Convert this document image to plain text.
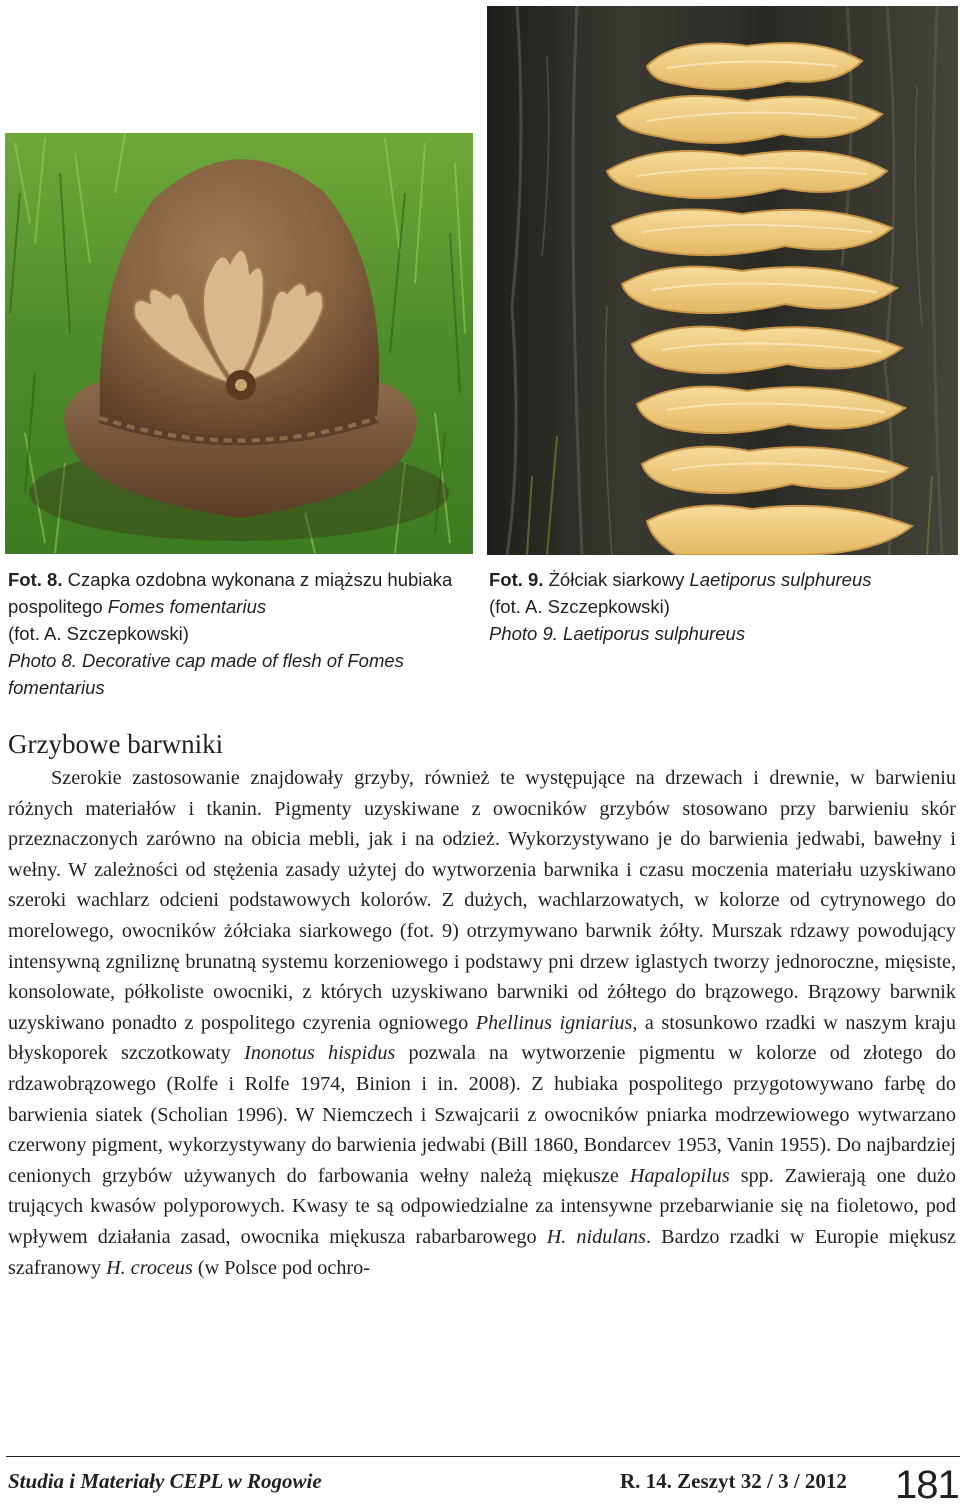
Fot. 8. Czapka ozdobna wykonana z miąższu hubiaka pospolitego Fomes fomentarius
(fot. A. Szczepkowski)
Photo 8. Decorative cap made of flesh of Fomes fomentarius
Fot. 9. Żółciak siarkowy Laetiporus sulphureus
(fot. A. Szczepkowski)
Photo 9. Laetiporus sulphureus
Grzybowe barwniki

Szerokie zastosowanie znajdowały grzyby, również te występujące na drzewach i drewnie, w barwieniu różnych materiałów i tkanin. Pigmenty uzyskiwane z owocników grzybów stosowano przy barwieniu skór przeznaczonych zarówno na obicia mebli, jak i na odzież. Wykorzystywano je do barwienia jedwabi, bawełny i wełny. W zależności od stężenia zasady użytej do wytworzenia barwnika i czasu moczenia materiału uzyskiwano szeroki wachlarz odcieni podstawowych kolorów. Z dużych, wachlarzowatych, w kolorze od cytrynowego do morelowego, owocników żółciaka siarkowego (fot. 9) otrzymywano barwnik żółty. Murszak rdzawy powodujący intensywną zgniliznę brunatną systemu korzeniowego i podstawy pni drzew iglastych tworzy jednoroczne, mięsiste, konsolowate, półkoliste owocniki, z których uzyskiwano barwniki od żółtego do brązowego. Brązowy barwnik uzyskiwano ponadto z pospolitego czyrenia ogniowego Phellinus igniarius, a stosunkowo rzadki w naszym kraju błyskoporek szczotkowaty Inonotus hispidus pozwala na wytworzenie pigmentu w kolorze od złotego do rdzawobrązowego (Rolfe i Rolfe 1974, Binion i in. 2008). Z hubiaka pospolitego przygotowywano farbę do barwienia siatek (Scholian 1996). W Niemczech i Szwajcarii z owocników pniarka modrzewiowego wytwarzano czerwony pigment, wykorzystywany do barwienia jedwabi (Bill 1860, Bondarcev 1953, Vanin 1955). Do najbardziej cenionych grzybów używanych do farbowania wełny należą miękusze Hapalopilus spp. Zawierają one dużo trujących kwasów polyporowych. Kwasy te są odpowiedzialne za intensywne przebarwianie się na fioletowo, pod wpływem działania zasad, owocnika miękusza rabarbarowego H. nidulans. Bardzo rzadki w Europie miękusz szafranowy H. croceus (w Polsce pod ochro-

Studia i Materiały CEPL w Rogowie	R. 14. Zeszyt 32 / 3 / 2012 181
